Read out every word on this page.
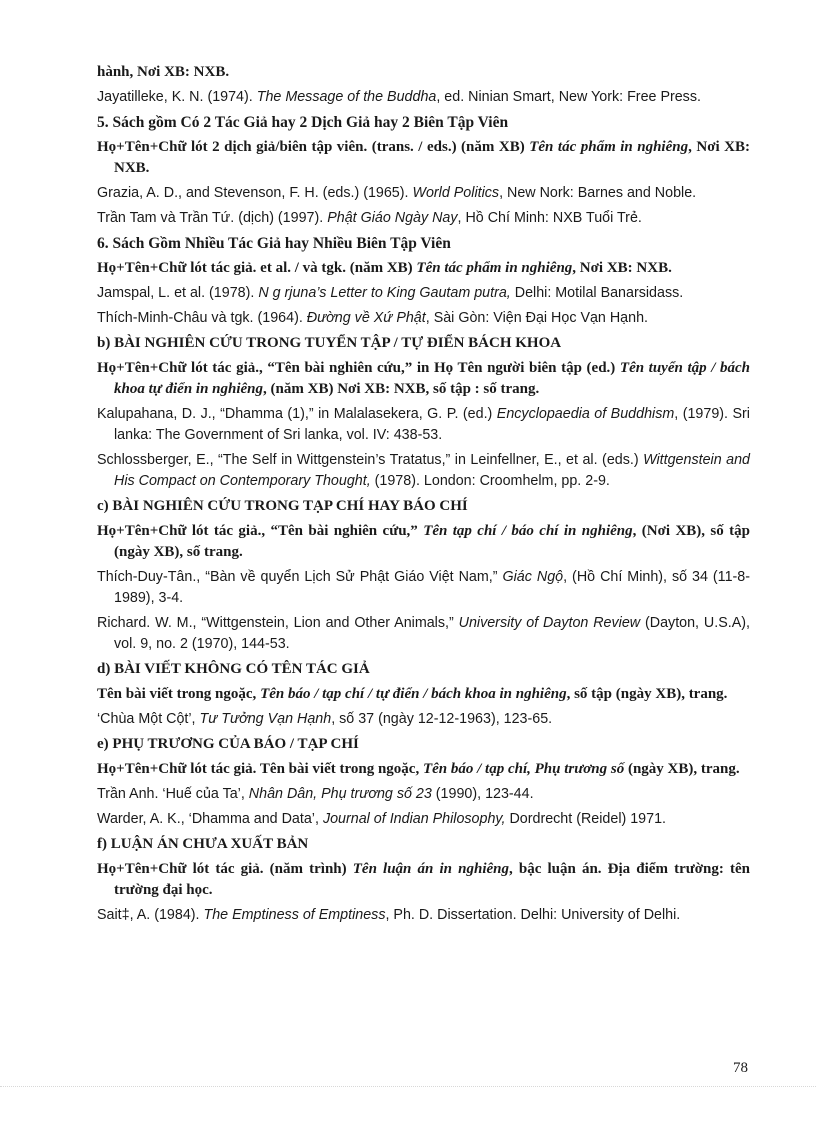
hành, Nơi XB: NXB.

Jayatilleke, K. N. (1974). The Message of the Buddha, ed. Ninian Smart, New York: Free Press.

5. Sách gồm Có 2 Tác Giả hay 2 Dịch Giả hay 2 Biên Tập Viên

Họ+Tên+Chữ lót 2 dịch giả/biên tập viên. (trans. / eds.) (năm XB) Tên tác phẩm in nghiêng, Nơi XB: NXB.

Grazia, A. D., and Stevenson, F. H. (eds.) (1965). World Politics, New Nork: Barnes and Noble.

Trần Tam và Trần Tứ. (dịch) (1997). Phật Giáo Ngày Nay, Hồ Chí Minh: NXB Tuổi Trẻ.

6. Sách Gồm Nhiều Tác Giả hay Nhiều Biên Tập Viên

Họ+Tên+Chữ lót tác giả. et al. / và tgk. (năm XB) Tên tác phẩm in nghiêng, Nơi XB: NXB.

Jamspal, L. et al. (1978). N g rjuna’s Letter to King Gautam putra, Delhi: Motilal Banarsidass.

Thích-Minh-Châu và tgk. (1964). Đường về Xứ Phật, Sài Gòn: Viện Đại Học Vạn Hạnh.

b) BÀI NGHIÊN CỨU TRONG TUYỂN TẬP / TỰ ĐIỂN BÁCH KHOA

Họ+Tên+Chữ lót tác giả., “Tên bài nghiên cứu,” in Họ Tên người biên tập (ed.) Tên tuyển tập / bách khoa tự điển in nghiêng, (năm XB) Nơi XB: NXB, số tập : số trang.

Kalupahana, D. J., “Dhamma (1),” in Malalasekera, G. P. (ed.) Encyclopaedia of Buddhism, (1979). Sri lanka: The Government of Sri lanka, vol. IV: 438-53.

Schlossberger, E., “The Self in Wittgenstein’s Tratatus,” in Leinfellner, E., et al. (eds.) Wittgenstein and His Compact on Contemporary Thought, (1978). London: Croomhelm, pp. 2-9.

c) BÀI NGHIÊN CỨU TRONG TẠP CHÍ HAY BÁO CHÍ

Họ+Tên+Chữ lót tác giả., “Tên bài nghiên cứu,” Tên tạp chí / báo chí in nghiêng, (Nơi XB), số tập (ngày XB), số trang.

Thích-Duy-Tân., “Bàn về quyển Lịch Sử Phật Giáo Việt Nam,” Giác Ngộ, (Hồ Chí Minh), số 34 (11-8-1989), 3-4.

Richard. W. M., “Wittgenstein, Lion and Other Animals,” University of Dayton Review (Dayton, U.S.A), vol. 9, no. 2 (1970), 144-53.

d) BÀI VIẾT KHÔNG CÓ TÊN TÁC GIẢ

Tên bài viết trong ngoặc, Tên báo / tạp chí / tự điển / bách khoa in nghiêng, số tập (ngày XB), trang.

‘Chùa Một Cột’, Tư Tưởng Vạn Hạnh, số 37 (ngày 12-12-1963), 123-65.

e) PHỤ TRƯƠNG CỦA BÁO / TẠP CHÍ

Họ+Tên+Chữ lót tác giả. Tên bài viết trong ngoặc, Tên báo / tạp chí, Phụ trương số (ngày XB), trang.

Trần Anh. ‘Huế của Ta’, Nhân Dân, Phụ trương số 23 (1990), 123-44.

Warder, A. K., ‘Dhamma and Data’, Journal of Indian Philosophy, Dordrecht (Reidel) 1971.

f) LUẬN ÁN CHƯA XUẤT BẢN

Họ+Tên+Chữ lót tác giả. (năm trình) Tên luận án in nghiêng, bậc luận án. Địa điểm trường: tên trường đại học.

Sait‡, A. (1984). The Emptiness of Emptiness, Ph. D. Dissertation. Delhi: University of Delhi.

78
